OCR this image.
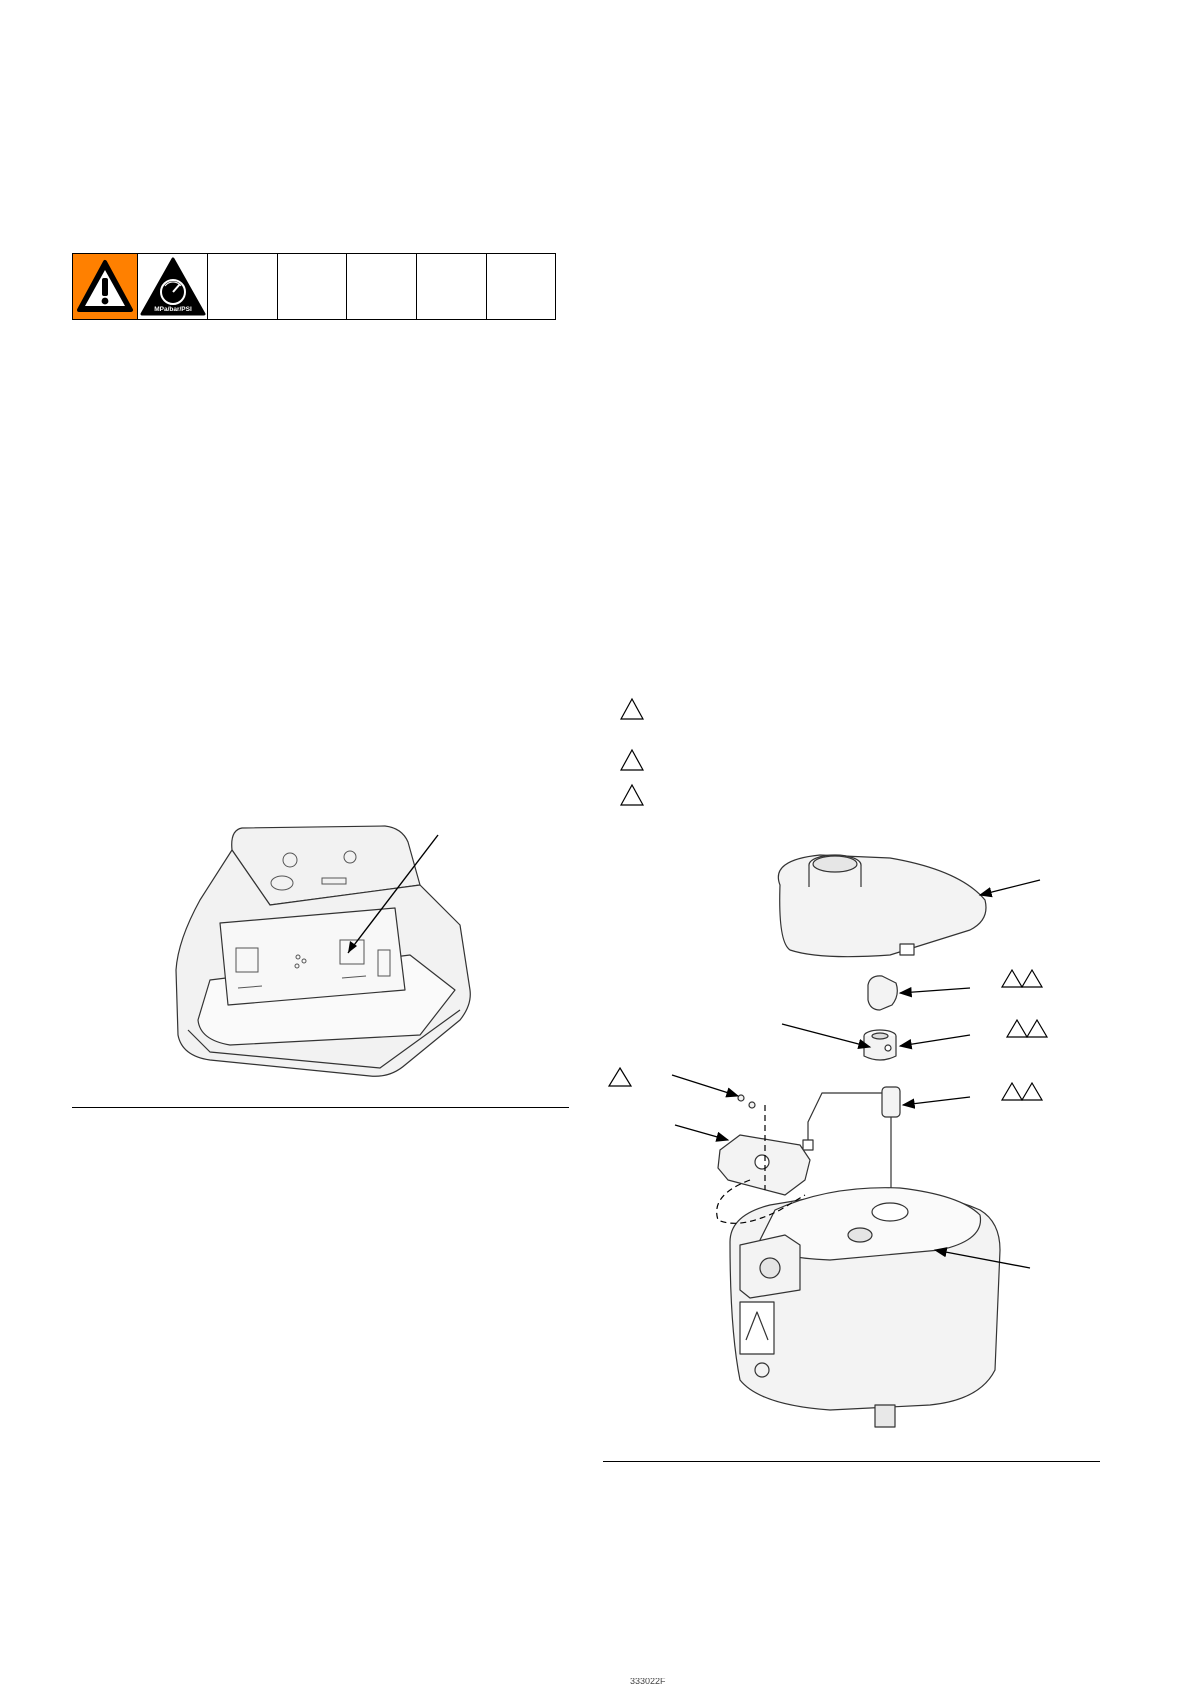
MPa/bar/PSI
333022F
